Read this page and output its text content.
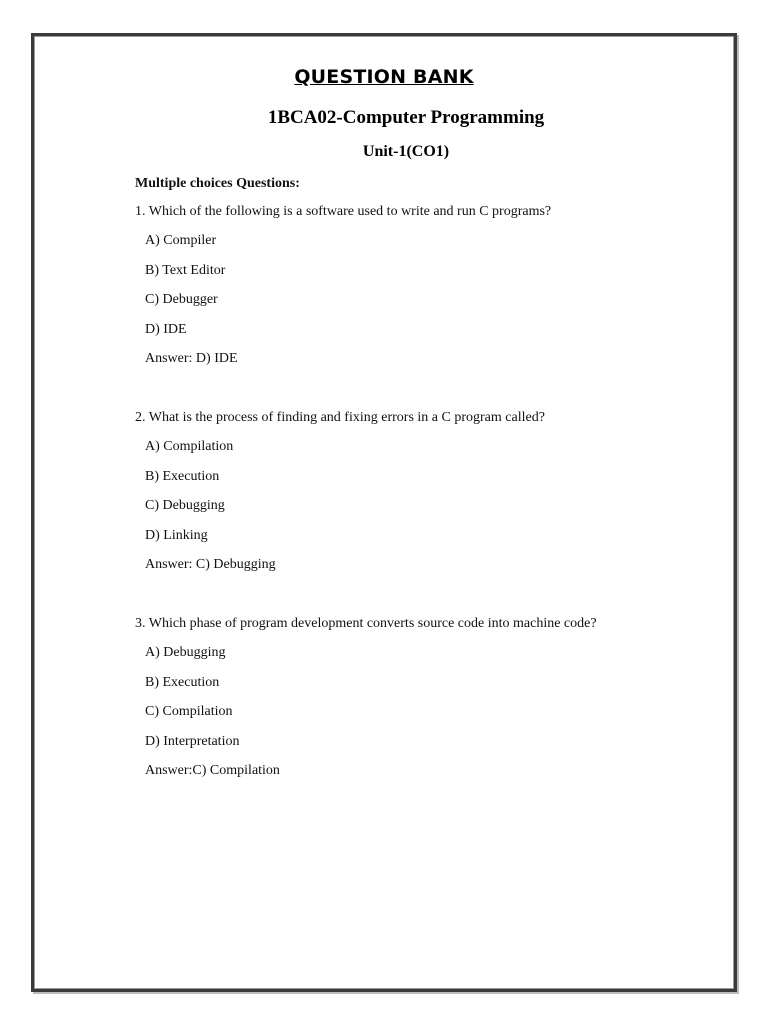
QUESTION BANK
1BCA02-Computer Programming
Unit-1(CO1)
Multiple choices Questions:
1. Which of the following is a software used to write and run C programs?
A) Compiler
B) Text Editor
C) Debugger
D) IDE
Answer: D) IDE
2. What is the process of finding and fixing errors in a C program called?
A) Compilation
B) Execution
C) Debugging
D) Linking
Answer: C) Debugging
3. Which phase of program development converts source code into machine code?
A) Debugging
B) Execution
C) Compilation
D) Interpretation
Answer:C) Compilation
